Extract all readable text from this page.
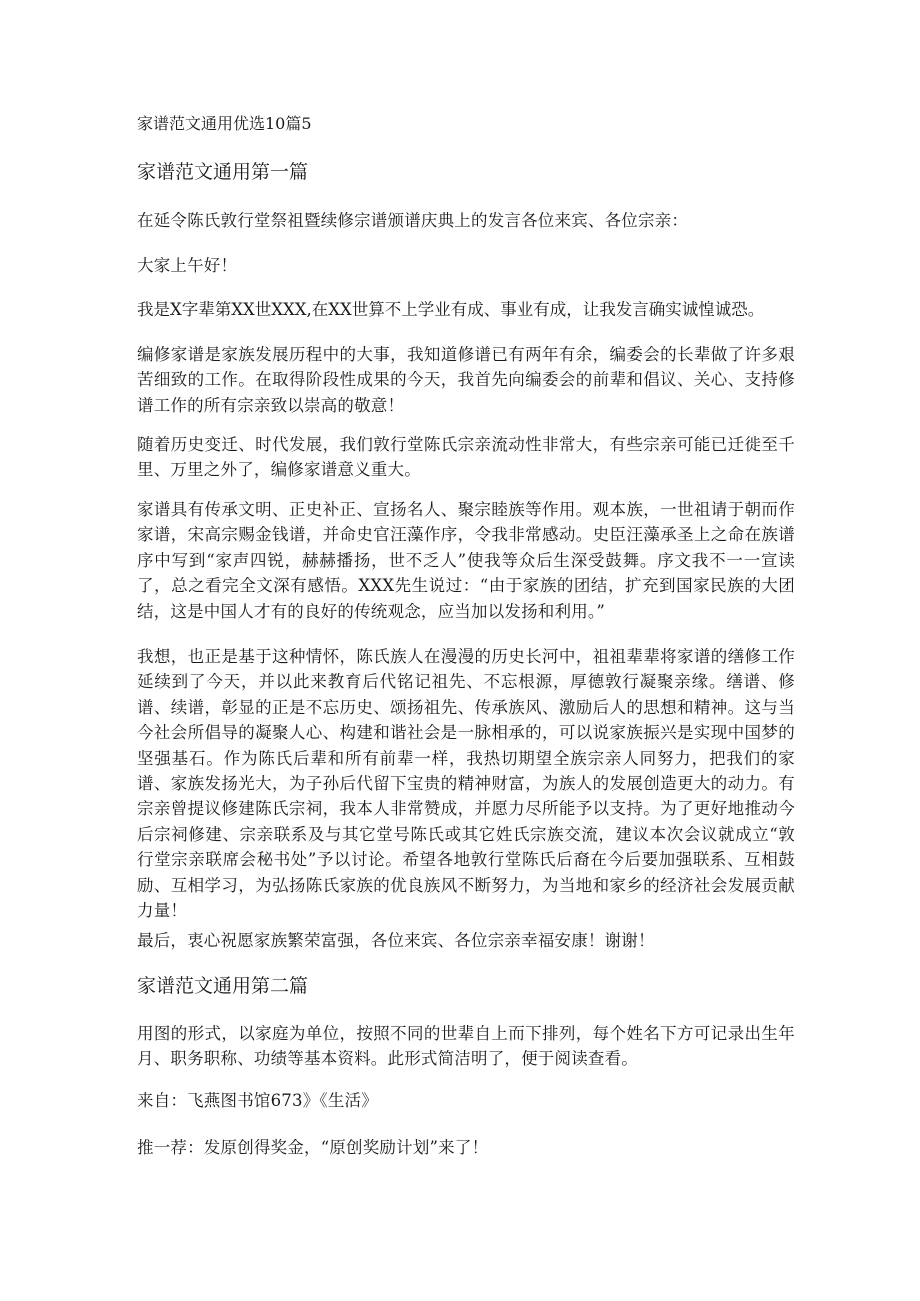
家谱范文通用优选10篇5
家谱范文通用第一篇
在延令陈氏敦行堂祭祖暨续修宗谱颁谱庆典上的发言各位来宾、各位宗亲：
大家上午好！
我是X字辈第XX世XXX,在XX世算不上学业有成、事业有成，让我发言确实诚惶诚恐。
编修家谱是家族发展历程中的大事，我知道修谱已有两年有余，编委会的长辈做了许多艰苦细致的工作。在取得阶段性成果的今天，我首先向编委会的前辈和倡议、关心、支持修谱工作的所有宗亲致以崇高的敬意！
随着历史变迁、时代发展，我们敦行堂陈氏宗亲流动性非常大，有些宗亲可能已迁徙至千里、万里之外了，编修家谱意义重大。
家谱具有传承文明、正史补正、宣扬名人、聚宗睦族等作用。观本族，一世祖请于朝而作家谱，宋高宗赐金钱谱，并命史官汪藻作序，令我非常感动。史臣汪藻承圣上之命在族谱序中写到“家声四锐，赫赫播扬，世不乏人”使我等众后生深受鼓舞。序文我不一一宣读了，总之看完全文深有感悟。XXX先生说过：“由于家族的团结，扩充到国家民族的大团结，这是中国人才有的良好的传统观念，应当加以发扬和利用。”
我想，也正是基于这种情怀，陈氏族人在漫漫的历史长河中，祖祖辈辈将家谱的缮修工作延续到了今天，并以此来教育后代铭记祖先、不忘根源，厚德敦行凝聚亲缘。缮谱、修谱、续谱，彰显的正是不忘历史、颂扬祖先、传承族风、激励后人的思想和精神。这与当今社会所倡导的凝聚人心、构建和谐社会是一脉相承的，可以说家族振兴是实现中国梦的坚强基石。作为陈氏后辈和所有前辈一样，我热切期望全族宗亲人同努力，把我们的家谱、家族发扬光大，为子孙后代留下宝贵的精神财富，为族人的发展创造更大的动力。有宗亲曾提议修建陈氏宗祠，我本人非常赞成，并愿力尽所能予以支持。为了更好地推动今后宗祠修建、宗亲联系及与其它堂号陈氏或其它姓氏宗族交流，建议本次会议就成立“敦行堂宗亲联席会秘书处”予以讨论。希望各地敦行堂陈氏后裔在今后要加强联系、互相鼓励、互相学习，为弘扬陈氏家族的优良族风不断努力，为当地和家乡的经济社会发展贡献力量！
最后，衷心祝愿家族繁荣富强，各位来宾、各位宗亲幸福安康！谢谢！
家谱范文通用第二篇
用图的形式，以家庭为单位，按照不同的世辈自上而下排列，每个姓名下方可记录出生年月、职务职称、功绩等基本资料。此形式简洁明了，便于阅读查看。
来自：飞燕图书馆673》《生活》
推一荐：发原创得奖金，“原创奖励计划”来了！
